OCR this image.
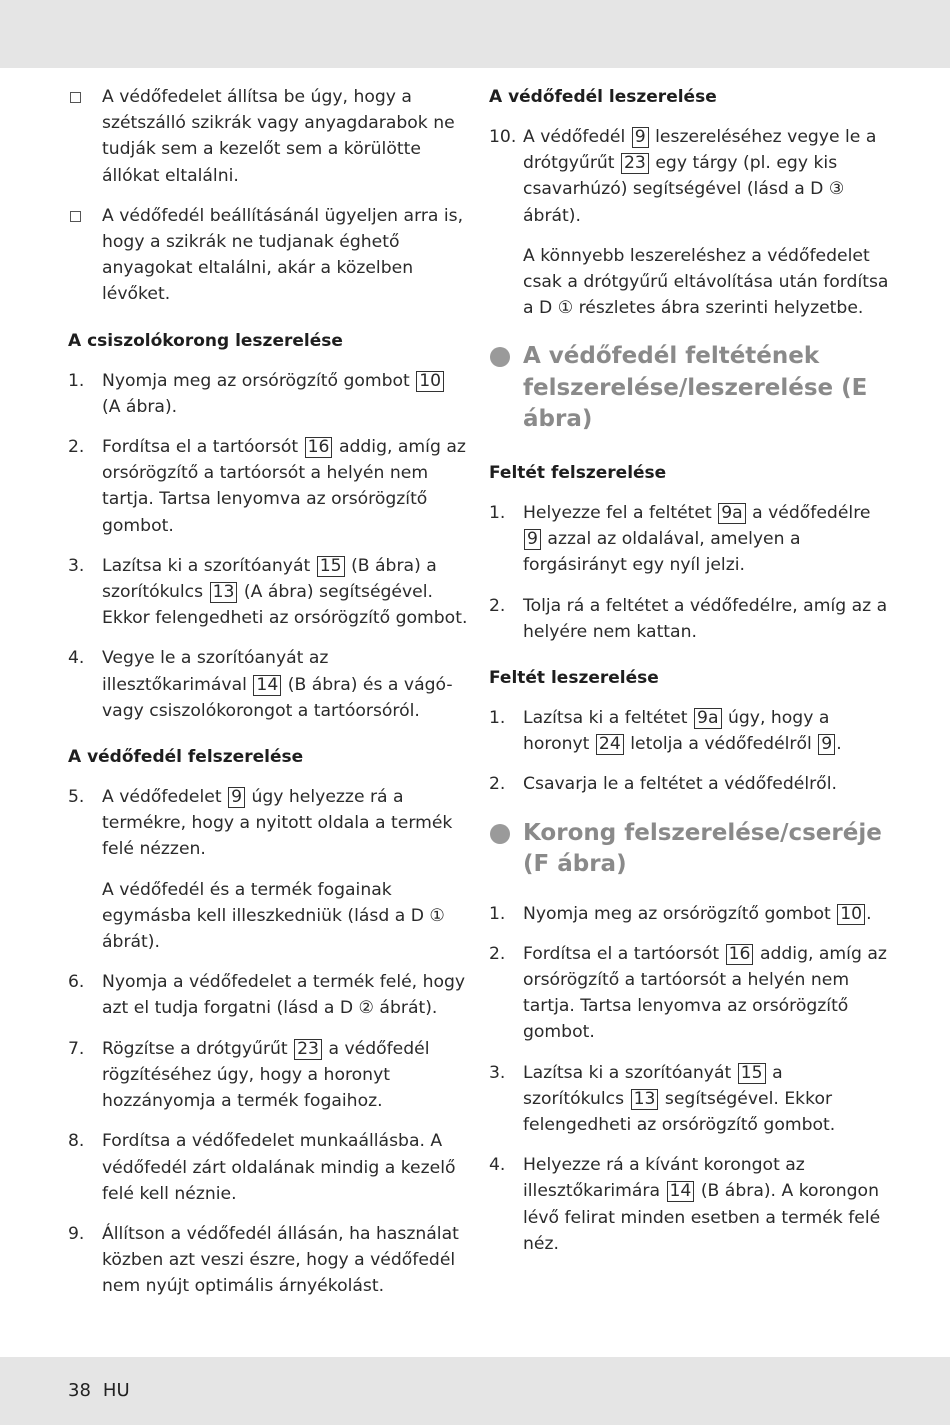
A védőfedelet állítsa be úgy, hogy a szétszálló szikrák vagy anyagdarabok ne tudják sem a kezelőt sem a körülötte állókat eltalálni.
A védőfedél beállításánál ügyeljen arra is, hogy a szikrák ne tudjanak éghető anyagokat eltalálni, akár a közelben lévőket.
A csiszolókorong leszerelése
1. Nyomja meg az orsórögzítő gombot 10 (A ábra).
2. Fordítsa el a tartóorsót 16 addig, amíg az orsórögzítő a tartóorsót a helyén nem tartja. Tartsa lenyomva az orsórögzítő gombot.
3. Lazítsa ki a szorítóanyát 15 (B ábra) a szorítókulcs 13 (A ábra) segítségével. Ekkor felengedheti az orsórögzítő gombot.
4. Vegye le a szorítóanyát az illesztőkarimával 14 (B ábra) és a vágó- vagy csiszolókorongot a tartóorsóról.
A védőfedél felszerelése
5. A védőfedelet 9 úgy helyezze rá a termékre, hogy a nyitott oldala a termék felé nézzen.
A védőfedél és a termék fogainak egymásba kell illeszkedniük (lásd a D ① ábrát).
6. Nyomja a védőfedelet a termék felé, hogy azt el tudja forgatni (lásd a D ② ábrát).
7. Rögzítse a drótgyűrűt 23 a védőfedél rögzítéséhez úgy, hogy a horonyt hozzányomja a termék fogaihoz.
8. Fordítsa a védőfedelet munkaállásba. A védőfedél zárt oldalának mindig a kezelő felé kell néznie.
9. Állítson a védőfedél állásán, ha használat közben azt veszi észre, hogy a védőfedél nem nyújt optimális árnyékolást.
A védőfedél leszerelése
10. A védőfedél 9 leszereléséhez vegye le a drótgyűrűt 23 egy tárgy (pl. egy kis csavarhúzó) segítségével (lásd a D ③ ábrát).
A könnyebb leszereléshez a védőfedelet csak a drótgyűrű eltávolítása után fordítsa a D ① részletes ábra szerinti helyzetbe.
A védőfedél feltétének felszerelése/leszerelése (E ábra)
Feltét felszerelése
1. Helyezze fel a feltétet 9a a védőfedélre 9 azzal az oldalával, amelyen a forgásirányt egy nyíl jelzi.
2. Tolja rá a feltétet a védőfedélre, amíg az a helyére nem kattan.
Feltét leszerelése
1. Lazítsa ki a feltétet 9a úgy, hogy a horonyt 24 letolja a védőfedélről 9 .
2. Csavarja le a feltétet a védőfedélről.
Korong felszerelése/cseréje (F ábra)
1. Nyomja meg az orsórögzítő gombot 10 .
2. Fordítsa el a tartóorsót 16 addig, amíg az orsórögzítő a tartóorsót a helyén nem tartja. Tartsa lenyomva az orsórögzítő gombot.
3. Lazítsa ki a szorítóanyát 15 a szorítókulcs 13 segítségével. Ekkor felengedheti az orsórögzítő gombot.
4. Helyezze rá a kívánt korongot az illesztőkarimára 14 (B ábra). A korongon lévő felirat minden esetben a termék felé néz.
38 HU
